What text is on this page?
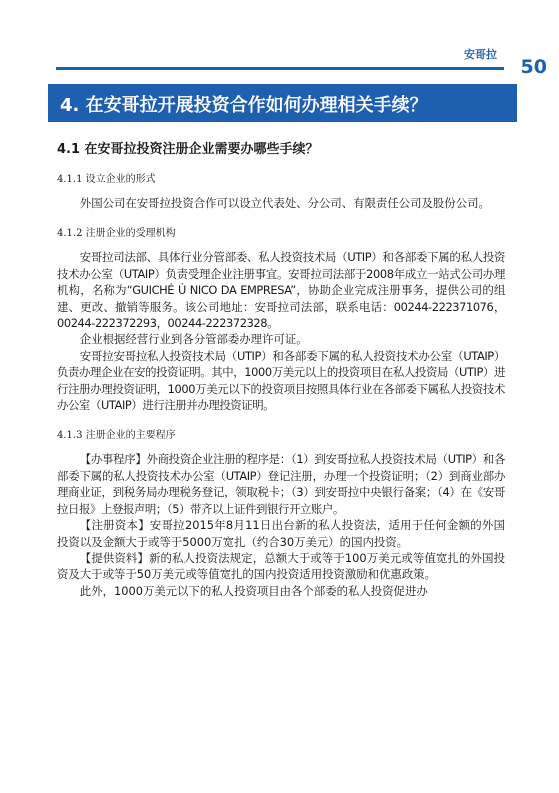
安哥拉
50
4. 在安哥拉开展投资合作如何办理相关手续？
4.1 在安哥拉投资注册企业需要办哪些手续？
4.1.1 设立企业的形式

外国公司在安哥拉投资合作可以设立代表处、分公司、有限责任公司及股份公司。

4.1.2 注册企业的受理机构

安哥拉司法部、具体行业分管部委、私人投资技术局（UTIP）和各部委下属的私人投资技术办公室（UTAIP）负责受理企业注册事宜。安哥拉司法部于2008年成立一站式公司办理机构，名称为“GUICHÉ Ú NICO DA EMPRESA”，协助企业完成注册事务，提供公司的组建、更改、撤销等服务。该公司地址：安哥拉司法部，联系电话：00244-222371076，00244-222372293，00244-222372328。

企业根据经营行业到各分管部委办理许可证。

安哥拉安哥拉私人投资技术局（UTIP）和各部委下属的私人投资技术办公室（UTAIP）负责办理企业在安的投资证明。其中，1000万美元以上的投资项目在私人投资局（UTIP）进行注册办理投资证明，1000万美元以下的投资项目按照具体行业在各部委下属私人投资技术办公室（UTAIP）进行注册并办理投资证明。

4.1.3 注册企业的主要程序

【办事程序】外商投资企业注册的程序是：（1）到安哥拉私人投资技术局（UTIP）和各部委下属的私人投资技术办公室（UTAIP）登记注册，办理一个投资证明；（2）到商业部办理商业证，到税务局办理税务登记，领取税卡；（3）到安哥拉中央银行备案；（4）在《安哥拉日报》上登报声明；（5）带齐以上证件到银行开立账户。

【注册资本】安哥拉2015年8月11日出台新的私人投资法，适用于任何金额的外国投资以及金额大于或等于5000万宽扎（约合30万美元）的国内投资。

【提供资料】新的私人投资法规定，总额大于或等于100万美元或等值宽扎的外国投资及大于或等于50万美元或等值宽扎的国内投资适用投资激励和优惠政策。

此外，1000万美元以下的私人投资项目由各个部委的私人投资促进办
